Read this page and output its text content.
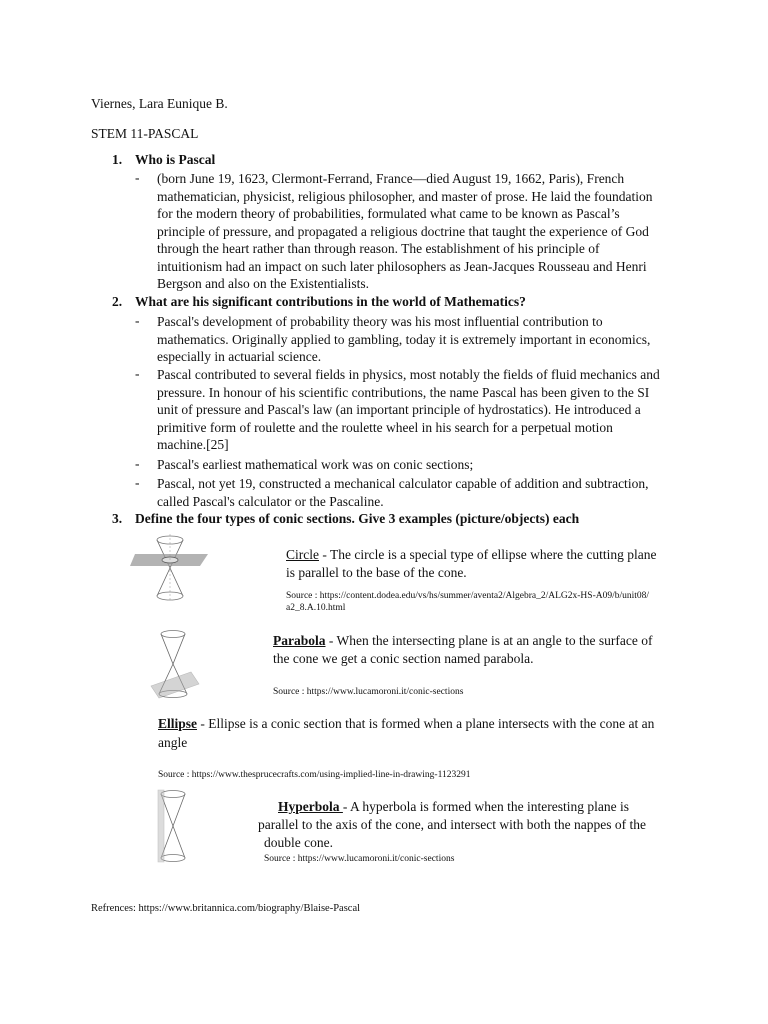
Viernes, Lara Eunique B.
STEM 11-PASCAL
1. Who is Pascal
- (born June 19, 1623, Clermont-Ferrand, France—died August 19, 1662, Paris), French
mathematician, physicist, religious philosopher, and master of prose. He laid the foundation
for the modern theory of probabilities, formulated what came to be known as Pascal’s
principle of pressure, and propagated a religious doctrine that taught the experience of God
through the heart rather than through reason. The establishment of his principle of
intuitionism had an impact on such later philosophers as Jean-Jacques Rousseau and Henri
Bergson and also on the Existentialists.
2. What are his significant contributions in the world of Mathematics?
- Pascal's development of probability theory was his most influential contribution to
mathematics. Originally applied to gambling, today it is extremely important in economics,
especially in actuarial science.
- Pascal contributed to several fields in physics, most notably the fields of fluid mechanics and
pressure. In honour of his scientific contributions, the name Pascal has been given to the SI
unit of pressure and Pascal's law (an important principle of hydrostatics). He introduced a
primitive form of roulette and the roulette wheel in his search for a perpetual motion
machine.[25]
- Pascal's earliest mathematical work was on conic sections;
- Pascal, not yet 19, constructed a mechanical calculator capable of addition and subtraction,
called Pascal's calculator or the Pascaline.
3. Define the four types of conic sections. Give 3 examples (picture/objects) each
Circle - The circle is a special type of ellipse where the cutting plane
is parallel to the base of the cone.
Source : https://content.dodea.edu/vs/hs/summer/aventa2/Algebra_2/ALG2x-HS-A09/b/unit08/
a2_8.A.10.html
Parabola - When the intersecting plane is at an angle to the surface of
the cone we get a conic section named parabola.
Source : https://www.lucamoroni.it/conic-sections
Ellipse - Ellipse is a conic section that is formed when a plane intersects with the cone at an
angle
Source : https://www.thesprucecrafts.com/using-implied-line-in-drawing-1123291
Hyperbola - A hyperbola is formed when the interesting plane is
parallel to the axis of the cone, and intersect with both the nappes of the
double cone.
Source : https://www.lucamoroni.it/conic-sections
Refrences: https://www.britannica.com/biography/Blaise-Pascal
